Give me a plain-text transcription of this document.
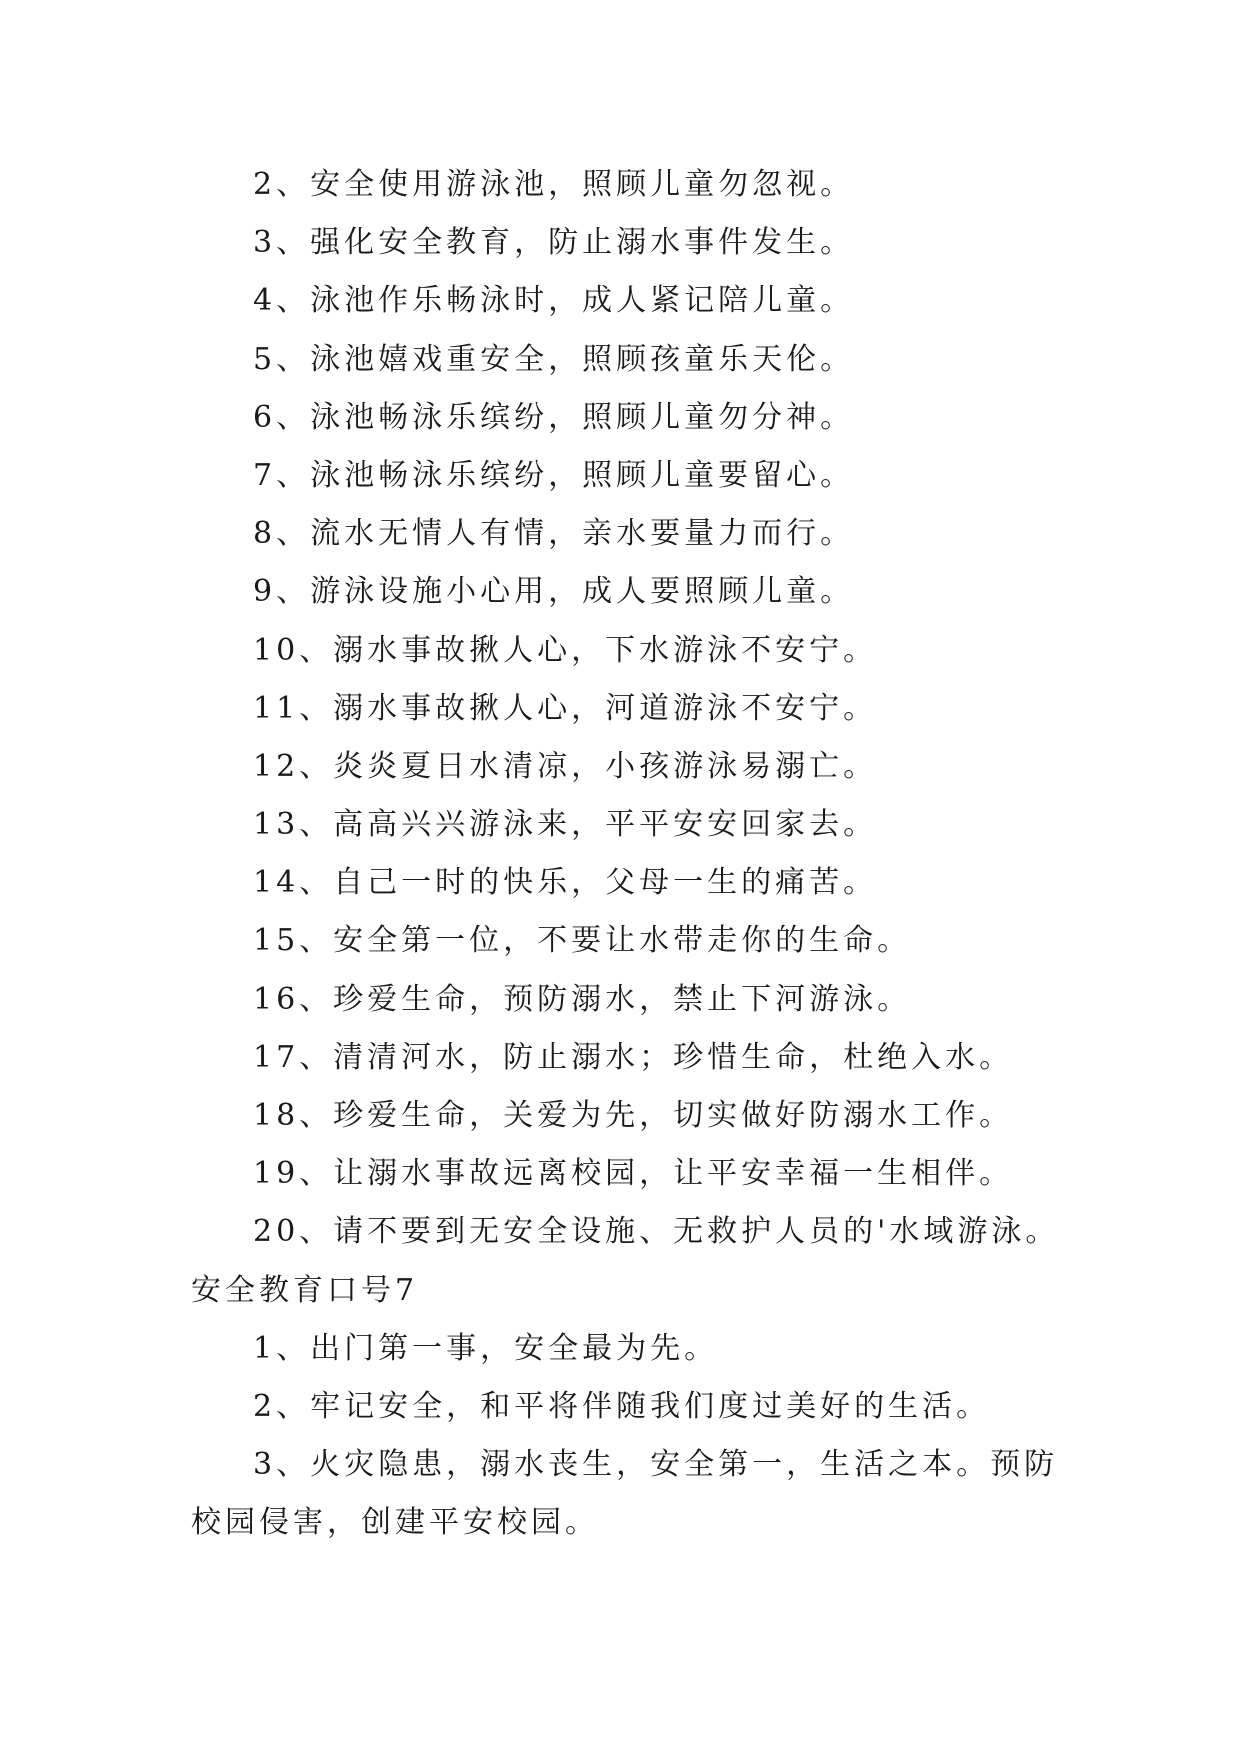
2、安全使用游泳池，照顾儿童勿忽视。
3、强化安全教育，防止溺水事件发生。
4、泳池作乐畅泳时，成人紧记陪儿童。
5、泳池嬉戏重安全，照顾孩童乐天伦。
6、泳池畅泳乐缤纷，照顾儿童勿分神。
7、泳池畅泳乐缤纷，照顾儿童要留心。
8、流水无情人有情，亲水要量力而行。
9、游泳设施小心用，成人要照顾儿童。
10、溺水事故揪人心，下水游泳不安宁。
11、溺水事故揪人心，河道游泳不安宁。
12、炎炎夏日水清凉，小孩游泳易溺亡。
13、高高兴兴游泳来，平平安安回家去。
14、自己一时的快乐，父母一生的痛苦。
15、安全第一位，不要让水带走你的生命。
16、珍爱生命，预防溺水，禁止下河游泳。
17、清清河水，防止溺水；珍惜生命，杜绝入水。
18、珍爱生命，关爱为先，切实做好防溺水工作。
19、让溺水事故远离校园，让平安幸福一生相伴。
20、请不要到无安全设施、无救护人员的'水域游泳。
安全教育口号7
1、出门第一事，安全最为先。
2、牢记安全，和平将伴随我们度过美好的生活。
3、火灾隐患，溺水丧生，安全第一，生活之本。预防
校园侵害，创建平安校园。
